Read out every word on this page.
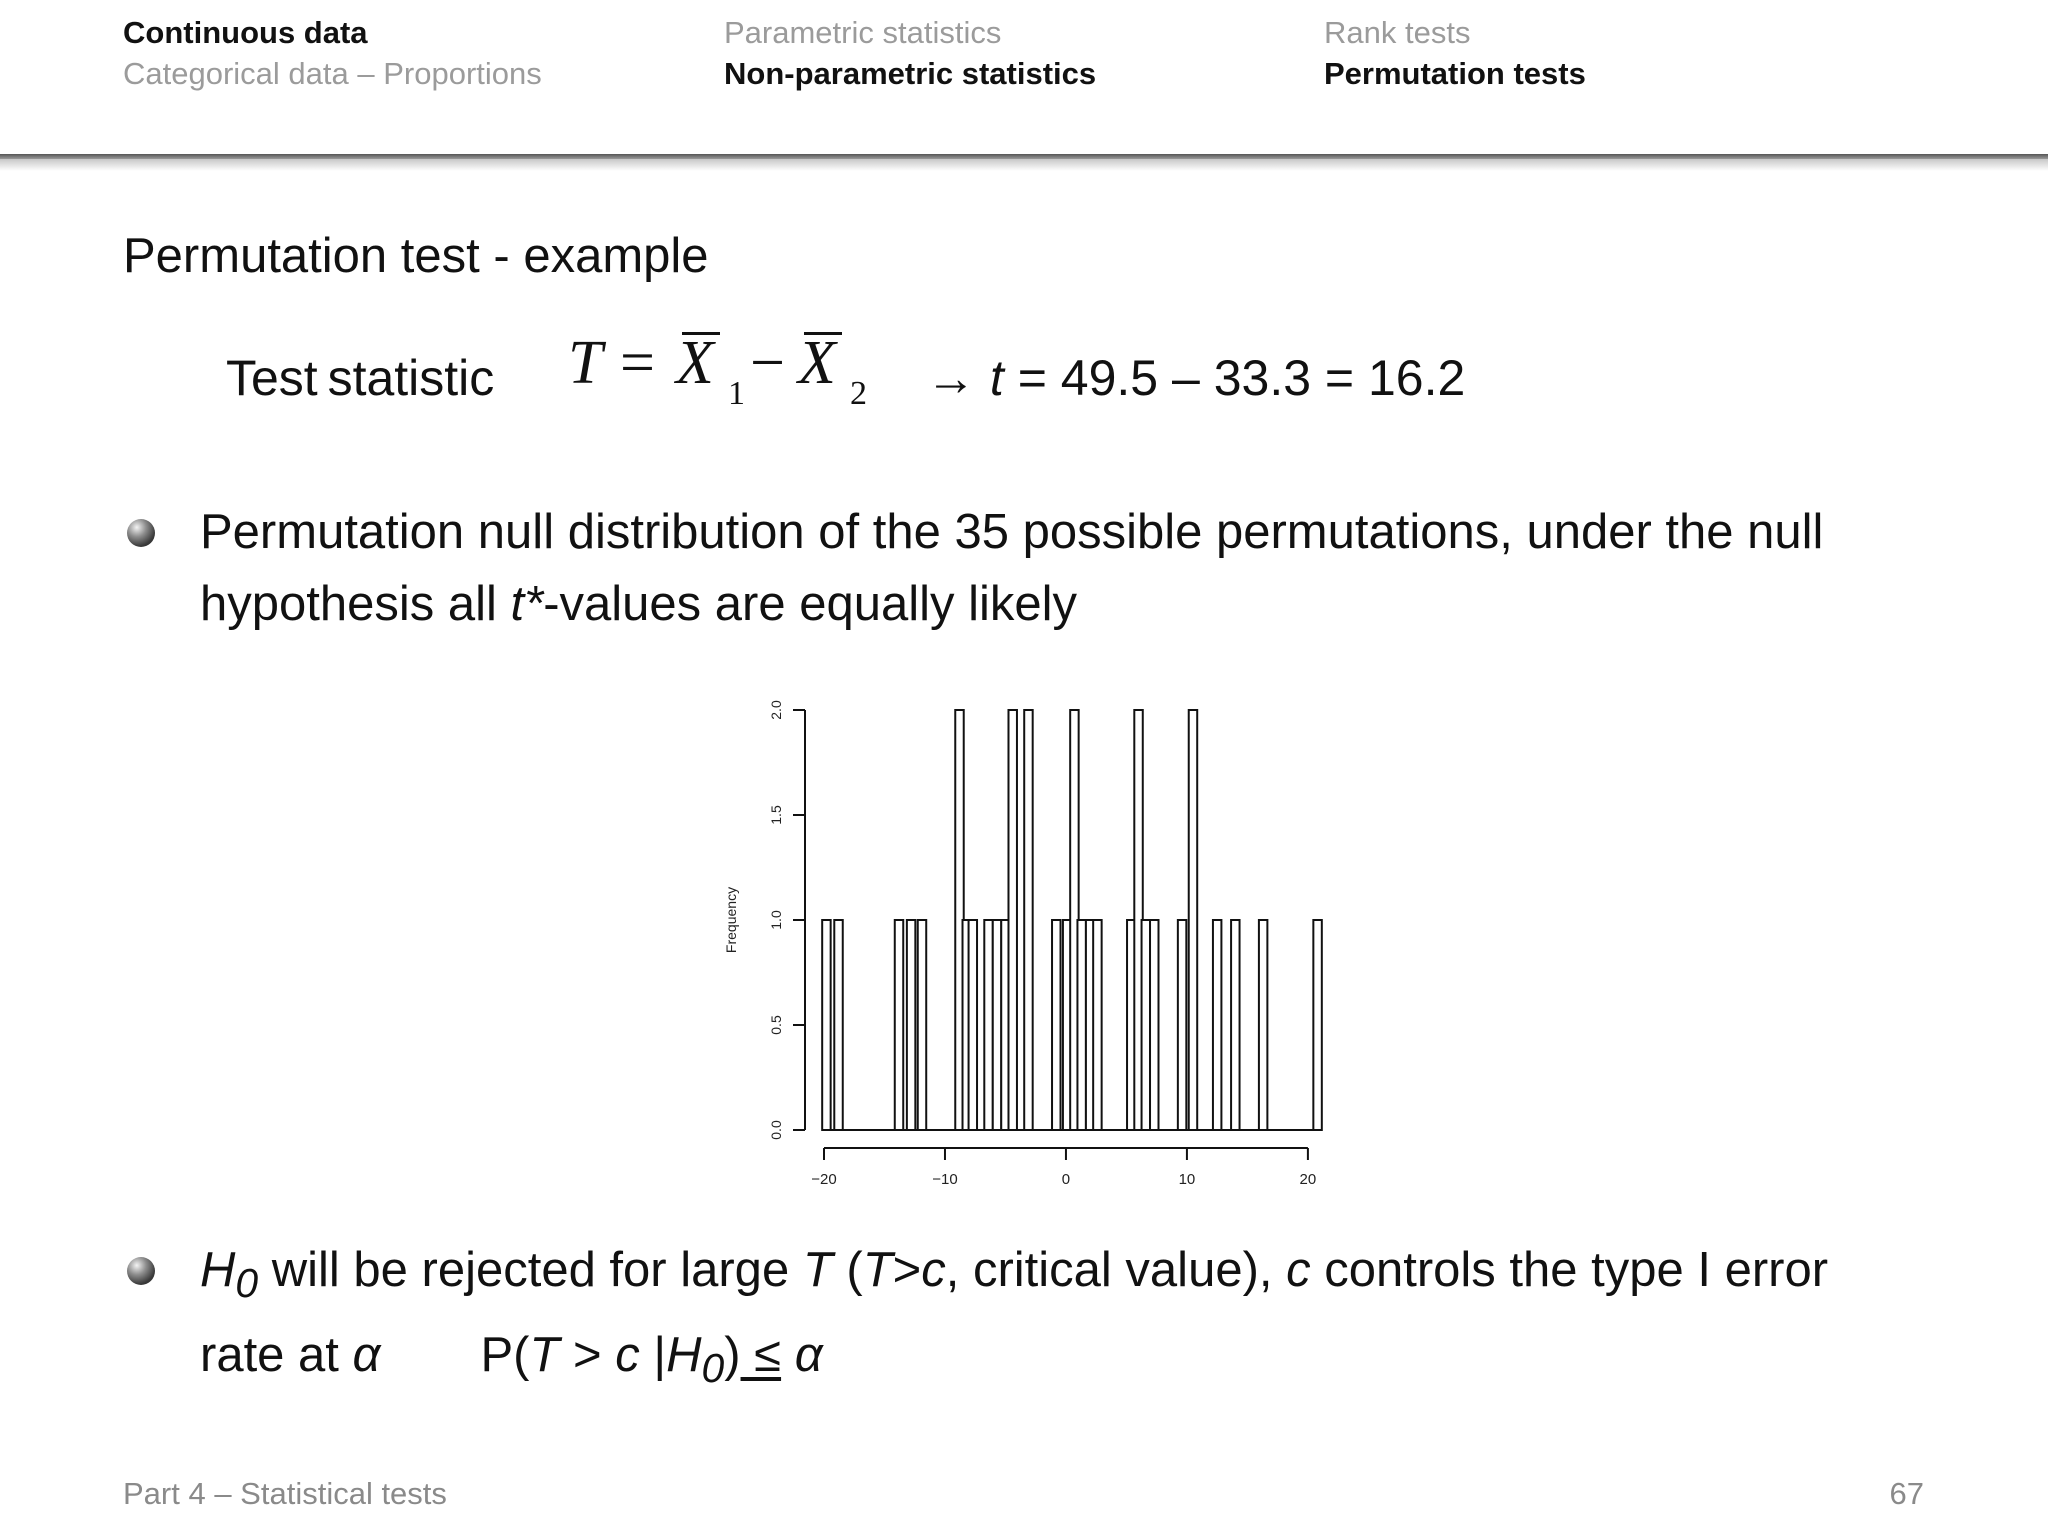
Continuous data
Categorical data – Proportions
Parametric statistics
Non-parametric statistics
Rank tests
Permutation tests
Permutation test - example
Test statistic T = X 1 − X 2 → t = 49.5 – 33.3 = 16.2
Permutation null distribution of the 35 possible permutations, under the null
hypothesis all t*-values are equally likely
0.0
0.5
1.0
1.5
2.0
Frequency
−20	−10	0	10	20
$H_0$ will be rejected for large T (T>c, critical value), c controls the type I error
rate at α P(T > c $|H_0) \le \alpha$
Part 4 – Statistical tests	67
